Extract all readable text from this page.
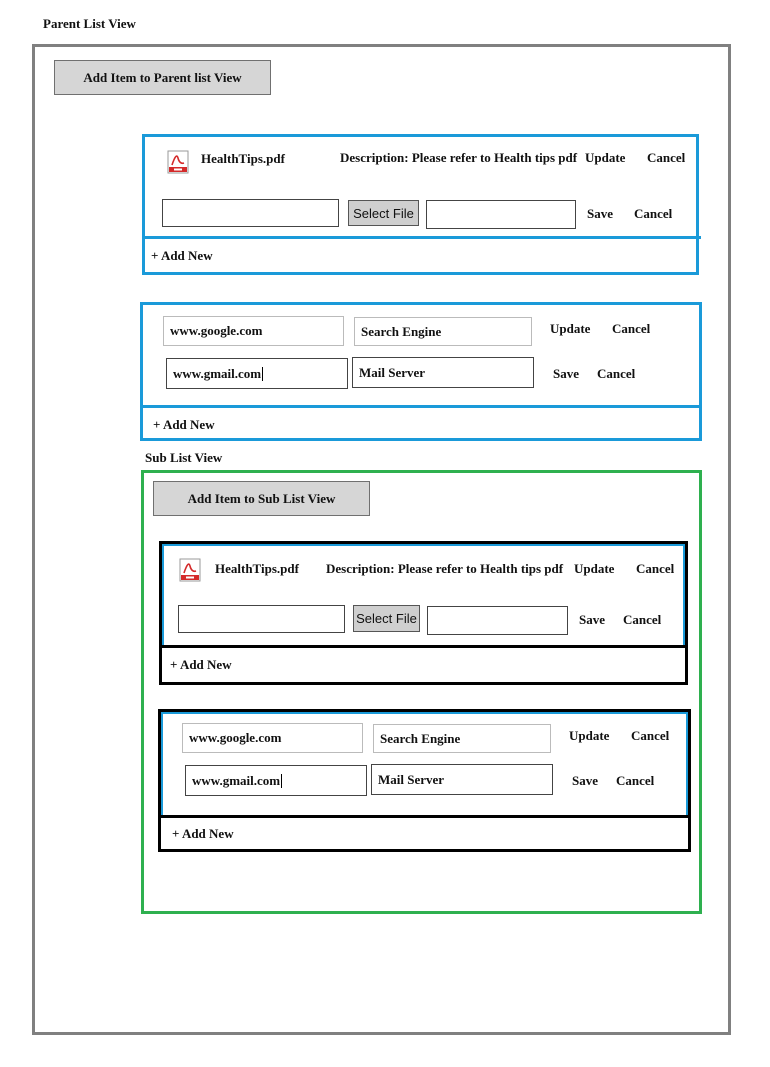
Parent List View
Add Item to Parent list View
HealthTips.pdf	Description: Please refer to Health tips pdf Update Cancel
Select File	Save Cancel
+ Add New
www.google.com	Search Engine	Update Cancel
www.gmail.com	Mail Server	Save Cancel
+ Add New
Sub List View
Add Item to Sub List View
HealthTips.pdf Description: Please refer to Health tips pdf Update Cancel
Select File	Save Cancel
+ Add New
www.google.com	Search Engine	Update Cancel
www.gmail.com	Mail Server	Save Cancel
+ Add New
